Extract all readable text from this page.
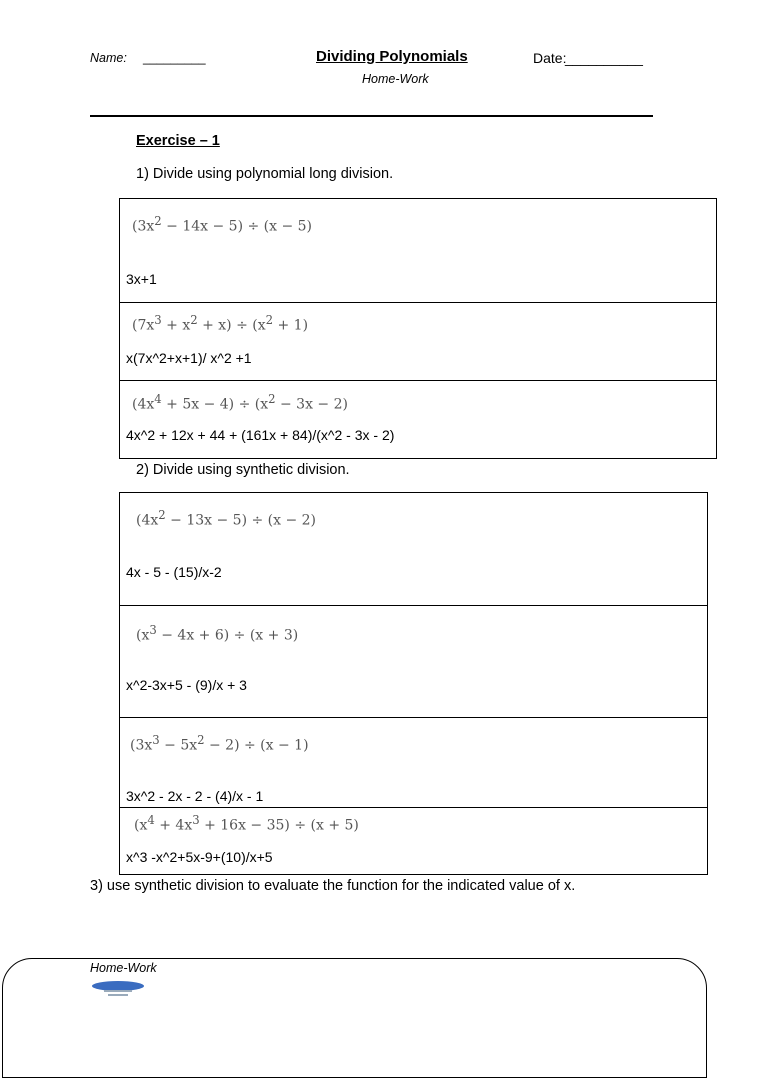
Name: _________	Dividing Polynomials
Home-Work
Date:
__________
Exercise – 1
1) Divide using polynomial long division.
$(3x^2 - 14x - 5) \div (x - 5)$
3x+1
$(7x^3 + x^2 + x) \div (x^2 + 1)$
x(7x^2+x+1)/ x^2 +1
$(4x^4 + 5x - 4) \div (x^2 - 3x - 2)$
4x^2 + 12x + 44 + (161x + 84)/(x^2 - 3x - 2)
2) Divide using synthetic division.
$(4x^2 - 13x - 5) \div (x - 2)$
4x - 5 - (15)/x-2
$(x^3 - 4x + 6) \div (x + 3)$
x^2-3x+5 - (9)/x + 3
$(3x^3 - 5x^2 - 2) \div (x - 1)$
3x^2 - 2x - 2 - (4)/x - 1
$(x^4 + 4x^3 + 16x - 35) \div (x + 5)$
x^3 -x^2+5x-9+(10)/x+5
3) use synthetic division to evaluate the function for the indicated value of x.
Home-Work
